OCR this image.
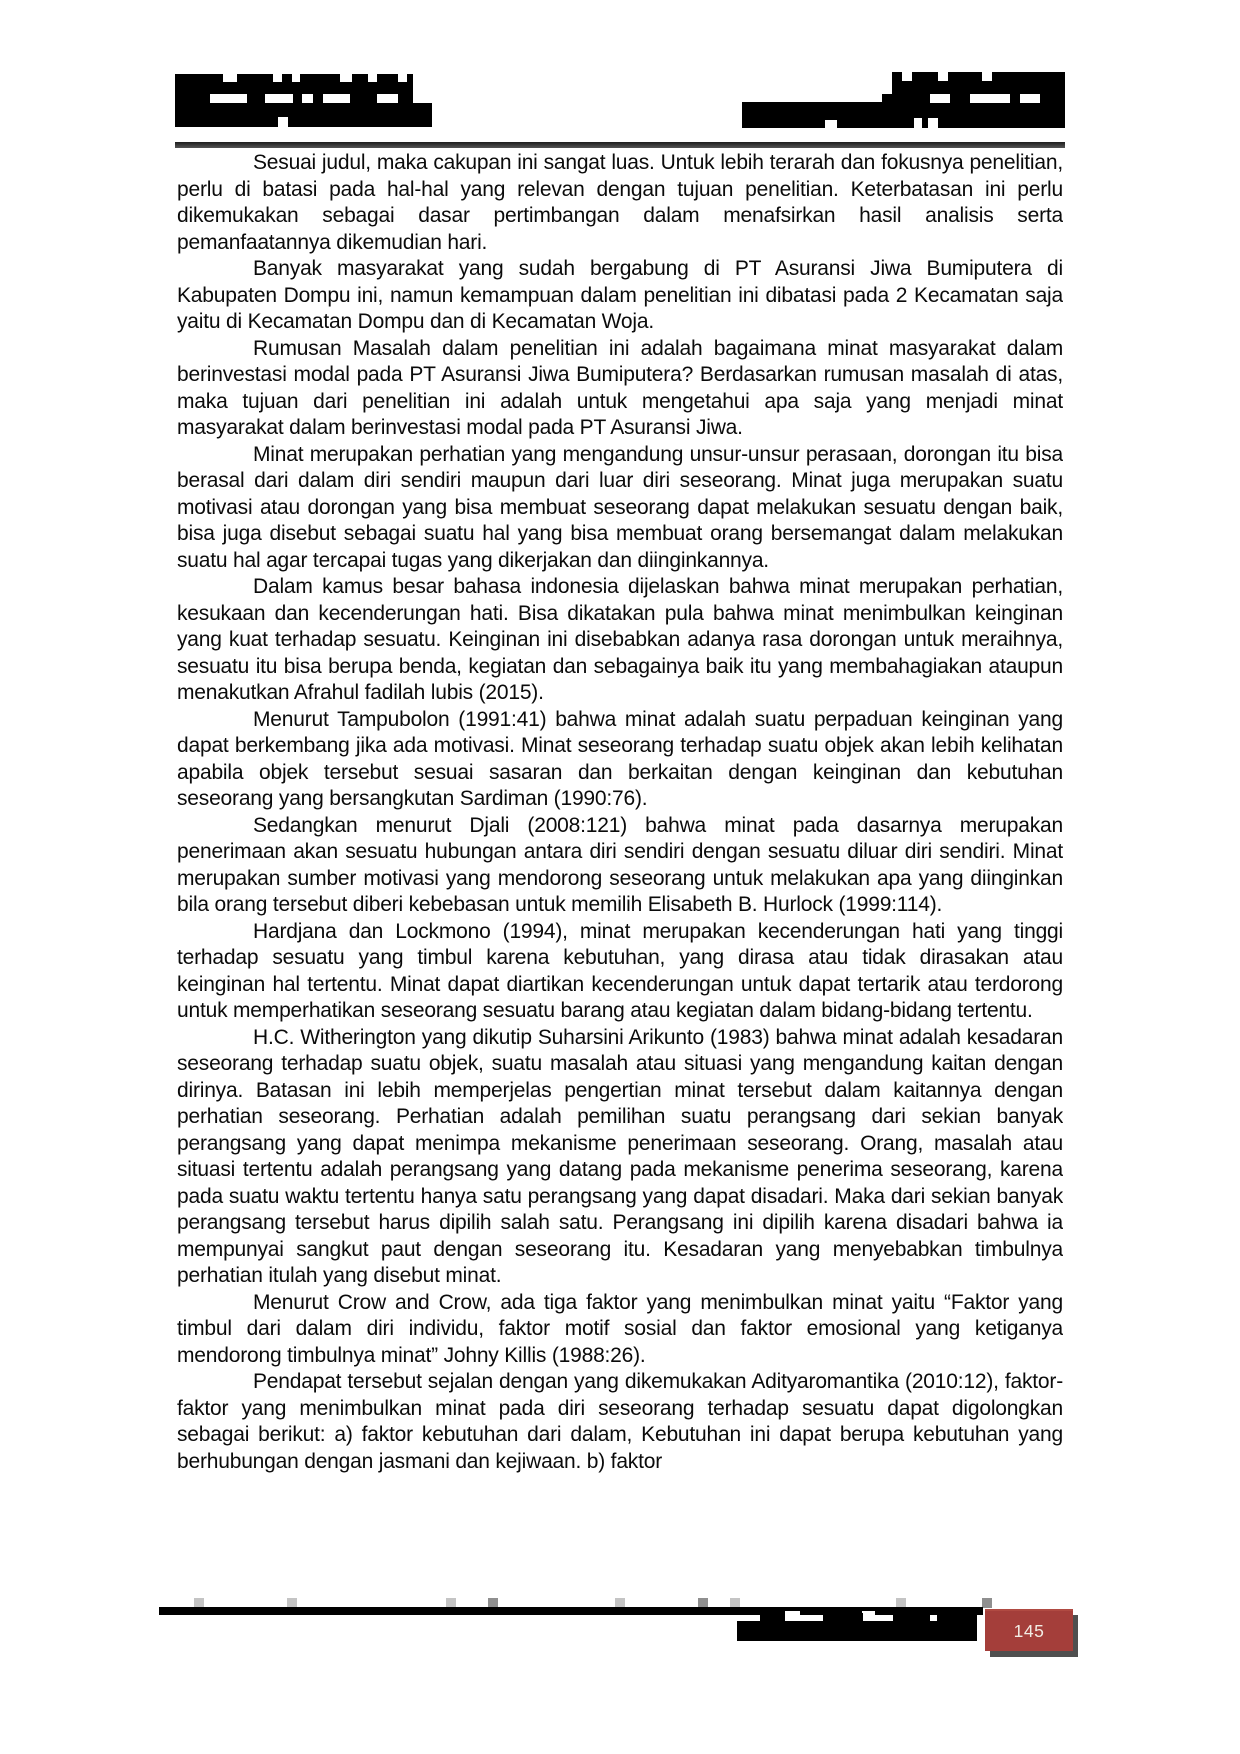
Sesuai judul, maka cakupan ini sangat luas. Untuk lebih terarah dan fokusnya penelitian, perlu di batasi pada hal-hal yang relevan dengan tujuan penelitian. Keterbatasan ini perlu dikemukakan sebagai dasar pertimbangan dalam menafsirkan hasil analisis serta pemanfaatannya dikemudian hari.

Banyak masyarakat yang sudah bergabung di PT Asuransi Jiwa Bumiputera di Kabupaten Dompu ini, namun kemampuan dalam penelitian ini dibatasi pada 2 Kecamatan saja yaitu di Kecamatan Dompu dan di Kecamatan Woja.

Rumusan Masalah dalam penelitian ini adalah bagaimana minat masyarakat dalam berinvestasi modal pada PT Asuransi Jiwa Bumiputera? Berdasarkan rumusan masalah di atas, maka tujuan dari penelitian ini adalah untuk mengetahui apa saja yang menjadi minat masyarakat dalam berinvestasi modal pada PT Asuransi Jiwa.

Minat merupakan perhatian yang mengandung unsur-unsur perasaan, dorongan itu bisa berasal dari dalam diri sendiri maupun dari luar diri seseorang. Minat juga merupakan suatu motivasi atau dorongan yang bisa membuat seseorang dapat melakukan sesuatu dengan baik, bisa juga disebut sebagai suatu hal yang bisa membuat orang bersemangat dalam melakukan suatu hal agar tercapai tugas yang dikerjakan dan diinginkannya.

Dalam kamus besar bahasa indonesia dijelaskan bahwa minat merupakan perhatian, kesukaan dan kecenderungan hati. Bisa dikatakan pula bahwa minat menimbulkan keinginan yang kuat terhadap sesuatu. Keinginan ini disebabkan adanya rasa dorongan untuk meraihnya, sesuatu itu bisa berupa benda, kegiatan dan sebagainya baik itu yang membahagiakan ataupun menakutkan Afrahul fadilah lubis (2015).

Menurut Tampubolon (1991:41) bahwa minat adalah suatu perpaduan keinginan yang dapat berkembang jika ada motivasi. Minat seseorang terhadap suatu objek akan lebih kelihatan apabila objek tersebut sesuai sasaran dan berkaitan dengan keinginan dan kebutuhan seseorang yang bersangkutan Sardiman (1990:76).

Sedangkan menurut Djali (2008:121) bahwa minat pada dasarnya merupakan penerimaan akan sesuatu hubungan antara diri sendiri dengan sesuatu diluar diri sendiri. Minat merupakan sumber motivasi yang mendorong seseorang untuk melakukan apa yang diinginkan bila orang tersebut diberi kebebasan untuk memilih Elisabeth B. Hurlock (1999:114).

Hardjana dan Lockmono (1994), minat merupakan kecenderungan hati yang tinggi terhadap sesuatu yang timbul karena kebutuhan, yang dirasa atau tidak dirasakan atau keinginan hal tertentu. Minat dapat diartikan kecenderungan untuk dapat tertarik atau terdorong untuk memperhatikan seseorang sesuatu barang atau kegiatan dalam bidang-bidang tertentu.

H.C. Witherington yang dikutip Suharsini Arikunto (1983) bahwa minat adalah kesadaran seseorang terhadap suatu objek, suatu masalah atau situasi yang mengandung kaitan dengan dirinya. Batasan ini lebih memperjelas pengertian minat tersebut dalam kaitannya dengan perhatian seseorang. Perhatian adalah pemilihan suatu perangsang dari sekian banyak perangsang yang dapat menimpa mekanisme penerimaan seseorang. Orang, masalah atau situasi tertentu adalah perangsang yang datang pada mekanisme penerima seseorang, karena pada suatu waktu tertentu hanya satu perangsang yang dapat disadari. Maka dari sekian banyak perangsang tersebut harus dipilih salah satu. Perangsang ini dipilih karena disadari bahwa ia mempunyai sangkut paut dengan seseorang itu. Kesadaran yang menyebabkan timbulnya perhatian itulah yang disebut minat.

Menurut Crow and Crow, ada tiga faktor yang menimbulkan minat yaitu “Faktor yang timbul dari dalam diri individu, faktor motif sosial dan faktor emosional yang ketiganya mendorong timbulnya minat” Johny Killis (1988:26).

Pendapat tersebut sejalan dengan yang dikemukakan Adityaromantika (2010:12), faktor-faktor yang menimbulkan minat pada diri seseorang terhadap sesuatu dapat digolongkan sebagai berikut: a) faktor kebutuhan dari dalam, Kebutuhan ini dapat berupa kebutuhan yang berhubungan dengan jasmani dan kejiwaan. b) faktor

145
